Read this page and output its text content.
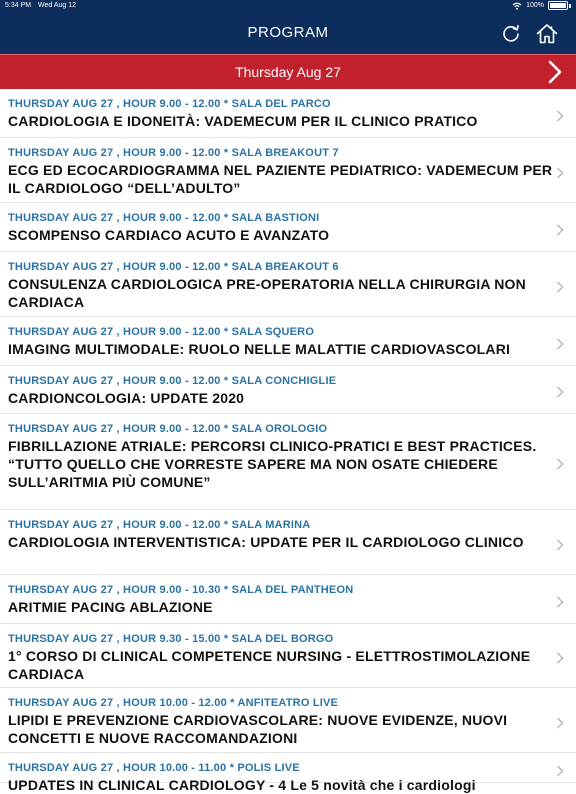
5:34 PM Wed Aug 12	100%
PROGRAM
Thursday Aug 27
THURSDAY AUG 27 , HOUR 9.00 - 12.00 * SALA DEL PARCO
CARDIOLOGIA E IDONEITÀ: VADEMECUM PER IL CLINICO PRATICO
THURSDAY AUG 27 , HOUR 9.00 - 12.00 * SALA BREAKOUT 7
ECG ED ECOCARDIOGRAMMA NEL PAZIENTE PEDIATRICO: VADEMECUM PER IL CARDIOLOGO “DELL’ADULTO”
THURSDAY AUG 27 , HOUR 9.00 - 12.00 * SALA BASTIONI
SCOMPENSO CARDIACO ACUTO E AVANZATO
THURSDAY AUG 27 , HOUR 9.00 - 12.00 * SALA BREAKOUT 6
CONSULENZA CARDIOLOGICA PRE-OPERATORIA NELLA CHIRURGIA NON CARDIACA
THURSDAY AUG 27 , HOUR 9.00 - 12.00 * SALA SQUERO
IMAGING MULTIMODALE: RUOLO NELLE MALATTIE CARDIOVASCOLARI
THURSDAY AUG 27 , HOUR 9.00 - 12.00 * SALA CONCHIGLIE
CARDIONCOLOGIA: UPDATE 2020
THURSDAY AUG 27 , HOUR 9.00 - 12.00 * SALA OROLOGIO
FIBRILLAZIONE ATRIALE: PERCORSI CLINICO-PRATICI E BEST PRACTICES. “TUTTO QUELLO CHE VORRESTE SAPERE MA NON OSATE CHIEDERE SULL’ARITMIA PIÙ COMUNE”
THURSDAY AUG 27 , HOUR 9.00 - 12.00 * SALA MARINA
CARDIOLOGIA INTERVENTISTICA: UPDATE PER IL CARDIOLOGO CLINICO
THURSDAY AUG 27 , HOUR 9.00 - 10.30 * SALA DEL PANTHEON
ARITMIE PACING ABLAZIONE
THURSDAY AUG 27 , HOUR 9.30 - 15.00 * SALA DEL BORGO
1° CORSO DI CLINICAL COMPETENCE NURSING - ELETTROSTIMOLAZIONE CARDIACA
THURSDAY AUG 27 , HOUR 10.00 - 12.00 * ANFITEATRO LIVE
LIPIDI E PREVENZIONE CARDIOVASCOLARE: NUOVE EVIDENZE, NUOVI CONCETTI E NUOVE RACCOMANDAZIONI
THURSDAY AUG 27 , HOUR 10.00 - 11.00 * POLIS LIVE
UPDATES IN CLINICAL CARDIOLOGY - 4 Le 5 novità che i cardiologi
